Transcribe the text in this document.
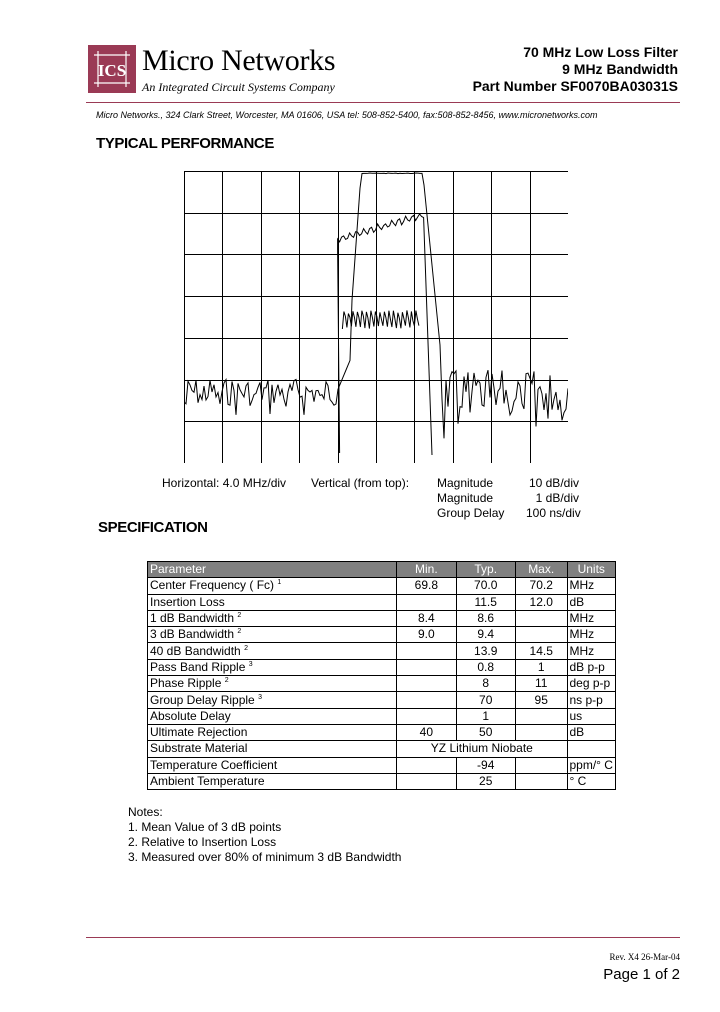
ICS Micro Networks
An Integrated Circuit Systems Company
70 MHz Low Loss Filter
9 MHz Bandwidth
Part Number SF0070BA03031S
Micro Networks., 324 Clark Street, Worcester, MA 01606, USA tel: 508-852-5400, fax:508-852-8456, www.micronetworks.com
TYPICAL PERFORMANCE
Horizontal: 4.0 MHz/div Vertical (from top): Magnitude
Magnitude
Group Delay
10 dB/div
1 dB/div
100 ns/div
SPECIFICATION
Parameter	Min.	Typ.	Max.	Units
Center Frequency ( Fc) $^1$	69.8	70.0	70.2	MHz
Insertion Loss		11.5	12.0	dB
1 dB Bandwidth $^2$	8.4	8.6		MHz
3 dB Bandwidth $^2$	9.0	9.4		MHz
40 dB Bandwidth $^2$		13.9	14.5	MHz
Pass Band Ripple $^3$		0.8	1	dB p-p
Phase Ripple $^2$		8	11	deg p-p
Group Delay Ripple $^3$		70	95	ns p-p
Absolute Delay		1		us
Ultimate Rejection	40	50		dB
Substrate Material	YZ Lithium Niobate			
Temperature Coefficient		-94		ppm/° C
Ambient Temperature		25		° C
Notes:
1. Mean Value of 3 dB points
2. Relative to Insertion Loss
3. Measured over 80% of minimum 3 dB Bandwidth
Rev. X4 26-Mar-04
Page 1 of 2
